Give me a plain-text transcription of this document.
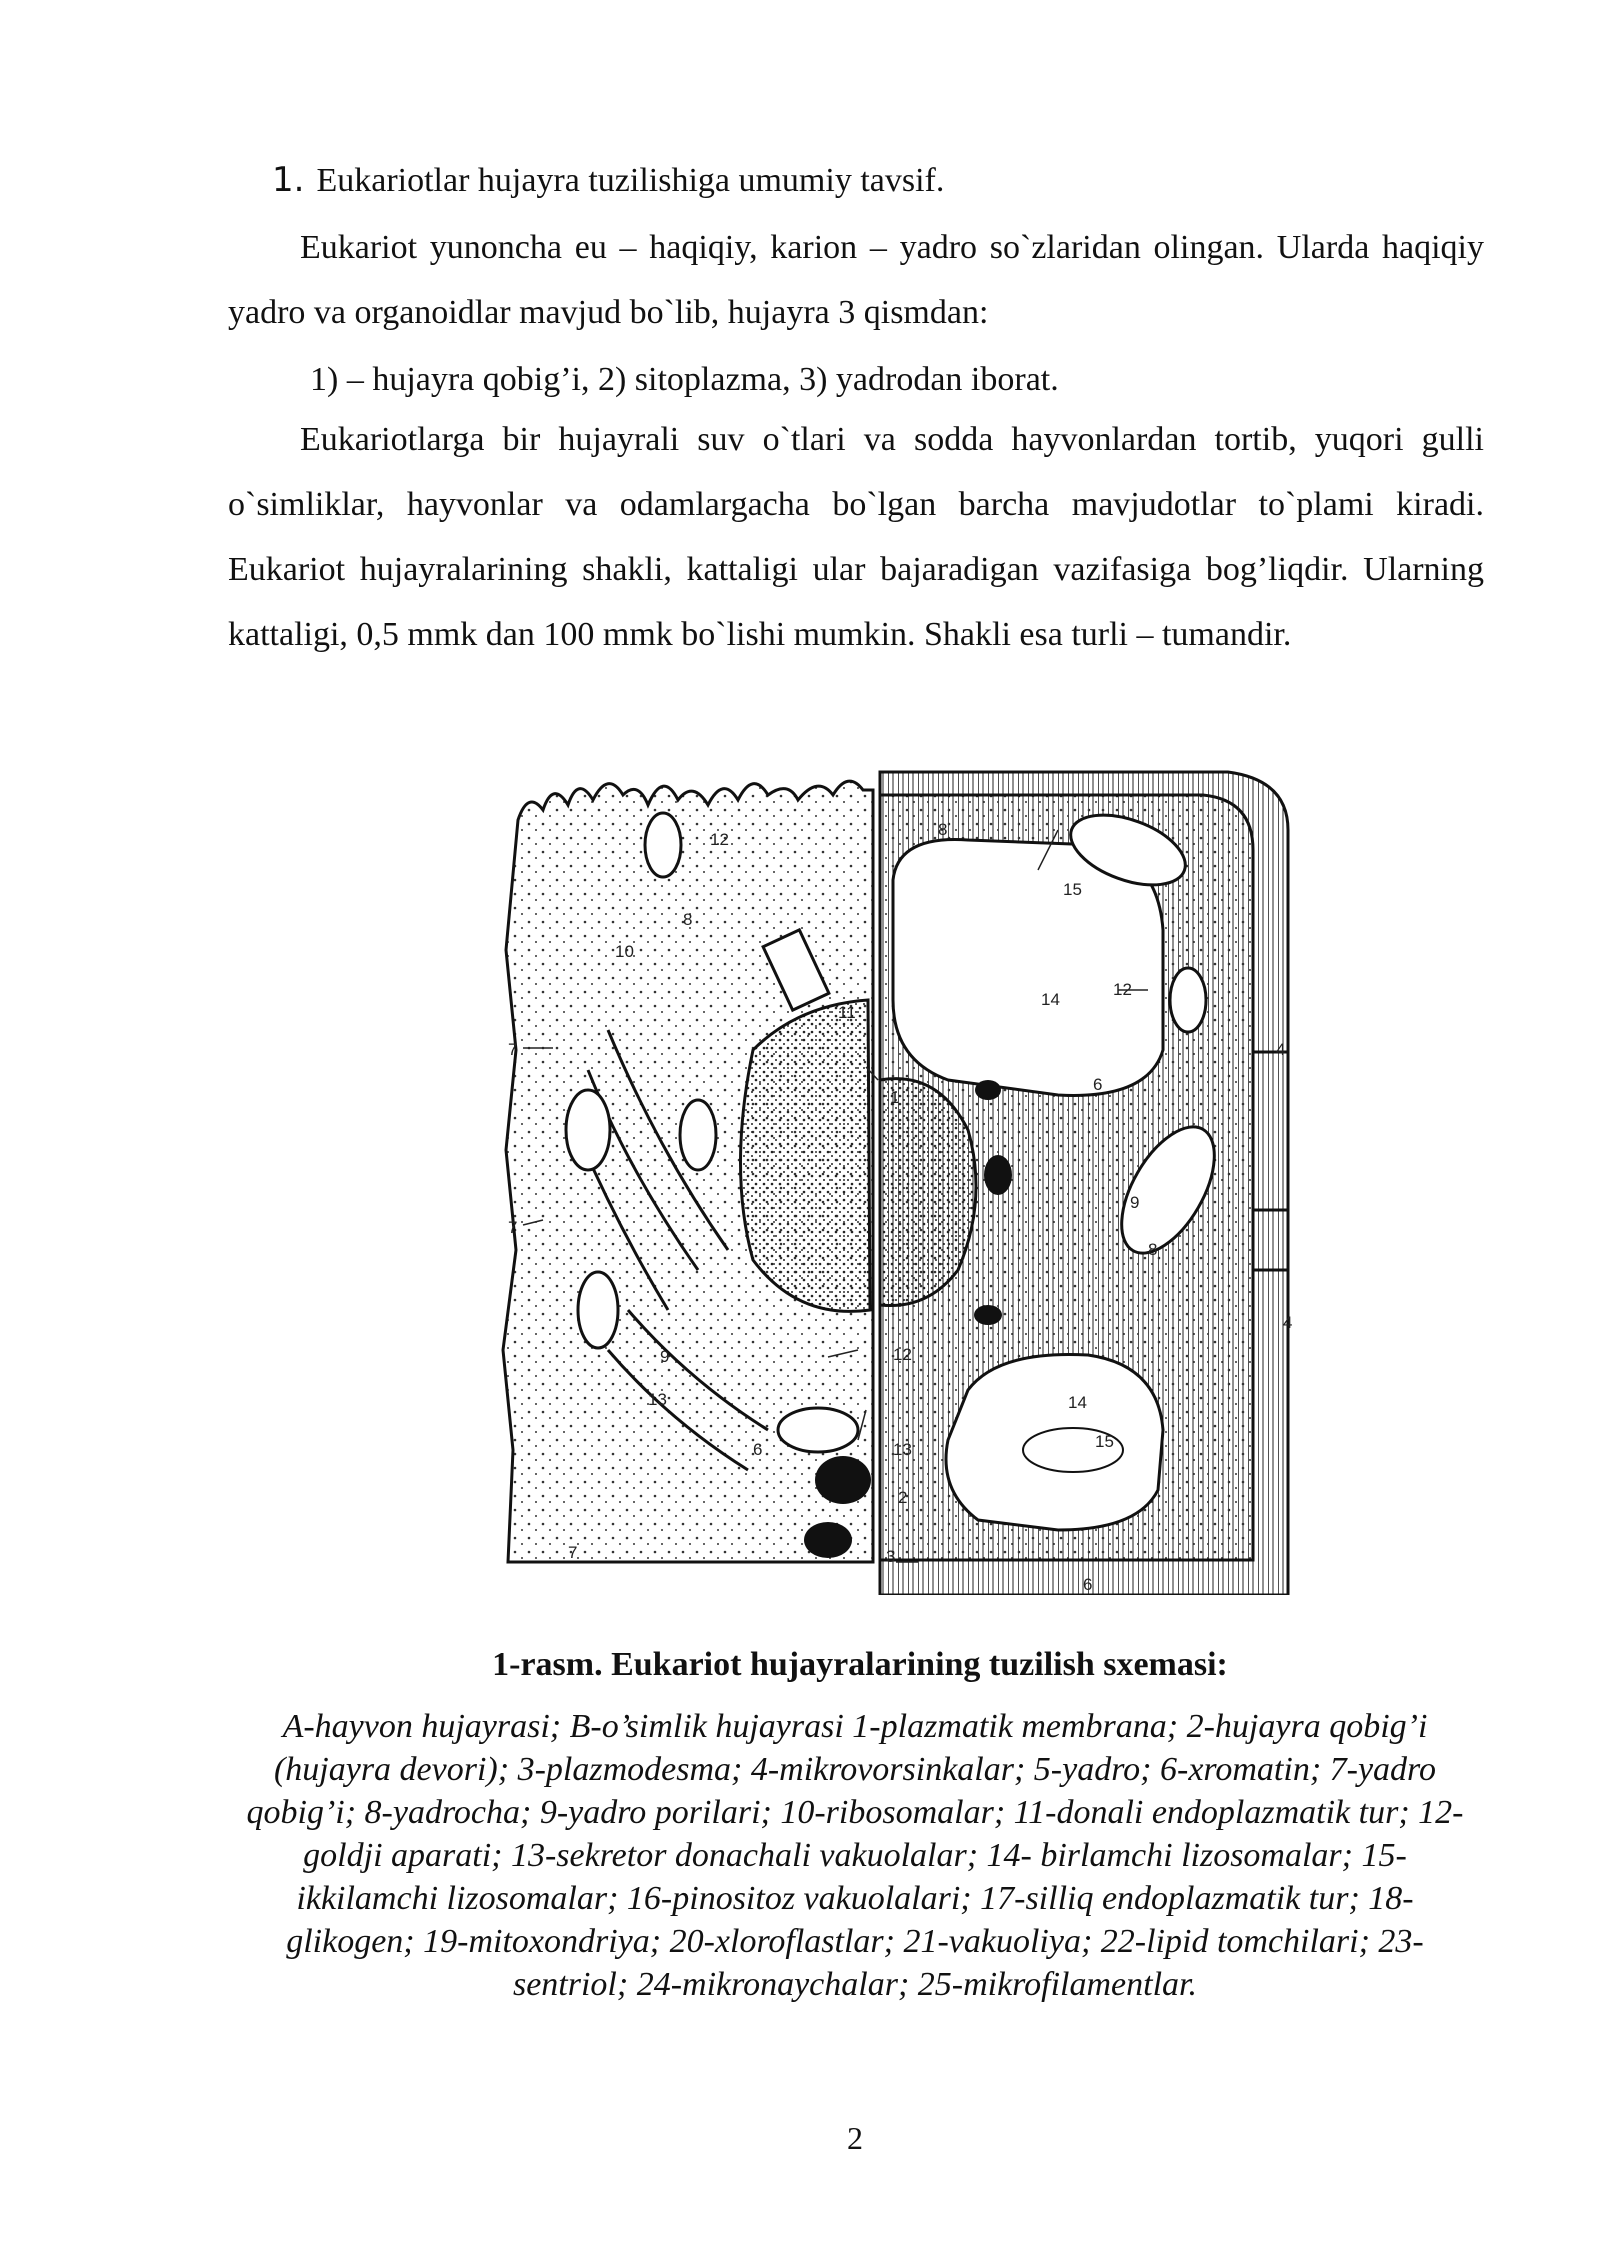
1. Eukariotlar hujayra tuzilishiga umumiy tavsif.
Eukariot yunoncha eu – haqiqiy, karion – yadro so`zlaridan olingan. Ularda haqiqiy yadro va organoidlar mavjud bo`lib, hujayra 3 qismdan:
1) – hujayra qobig’i, 2) sitoplazma, 3) yadrodan iborat.
Eukariotlarga bir hujayrali suv o`tlari va sodda hayvonlardan tortib, yuqori gulli o`simliklar, hayvonlar va odamlargacha bo`lgan barcha mavjudotlar to`plami kiradi. Eukariot hujayralarining shakli, kattaligi ular bajaradigan vazifasiga bog’liqdir. Ularning kattaligi, 0,5 mmk dan 100 mmk bo`lishi mumkin. Shakli esa turli – tumandir.
12
8
10
11
7
7
7
1
9
13
6
12
13
2
3
8
15
14
12
4
6
9
8
4
14
15
6
1-rasm. Eukariot hujayralarining tuzilish sxemasi:
A-hayvon hujayrasi; B-o’simlik hujayrasi 1-plazmatik membrana; 2-hujayra qobig’i (hujayra devori); 3-plazmodesma; 4-mikrovorsinkalar; 5-yadro; 6-xromatin; 7-yadro qobig’i; 8-yadrocha; 9-yadro porilari; 10-ribosomalar; 11-donali endoplazmatik tur; 12-goldji aparati; 13-sekretor donachali vakuolalar; 14- birlamchi lizosomalar; 15-ikkilamchi lizosomalar; 16-pinositoz vakuolalari; 17-silliq endoplazmatik tur; 18-glikogen; 19-mitoxondriya; 20-xloroflastlar; 21-vakuoliya; 22-lipid tomchilari; 23-sentriol; 24-mikronaychalar; 25-mikrofilamentlar.
2
